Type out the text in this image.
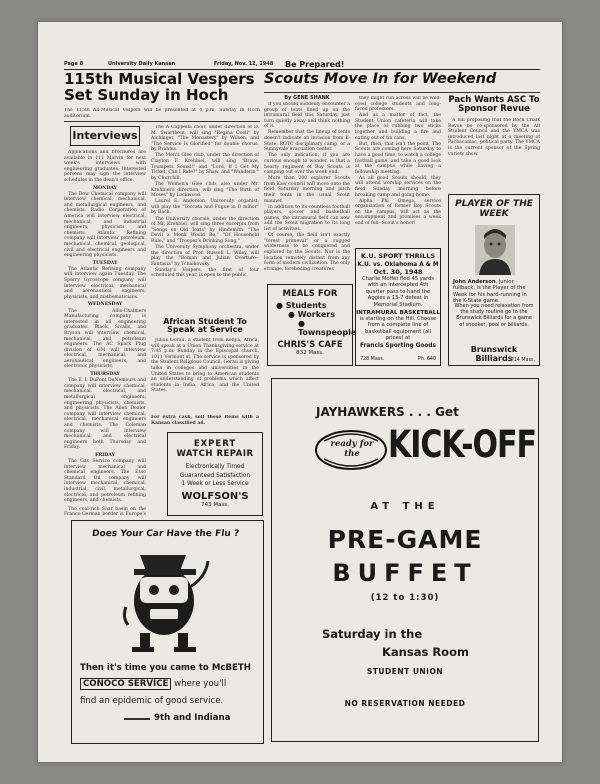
Page 8	University Daily Kansan	Friday, Nov. 12, 1948 Be Prepared!
115th Musical Vespers Set Sunday in Hoch
The 115th All-Musical Vespers will be presented at 4 p.m. Sunday in Hoch auditorium.
Interviews

Applications and brochures are available in 111 Marvin for next week's interviews with engineering graduates. Interested persons may sign the interview schedules in the dean's office.

MONDAY

The Dow Chemical company will interview chemical, mechanical, and metallurgical engineers, and chemists. Radio Corporation of America will interview electrical, mechanical, and industrial engineers; physicists and chemists. Atlantic Refining company will interview petroleum, mechanical, chemical, geological, civil and electrical engineers and engineering physicists.

TUESDAY

The Atlantic Refining company will interview again Tuesday. The Sperry Gyroscope company will interview electrical, mechanical and aeronautical engineers, physicists, and mathematicians.

WEDNESDAY

The Allis-Chalmers Manufacturing company is interested in all engineering graduates. Black, Sivalls, and Bryson will interview chemical, mechanical, and petroleum engineers. The AC Spark Plug division of GM will interview electrical, mechanical, and aeronautical engineers, and electronic physicists.

THURSDAY

The E. I. DuPont DeNemours and company will interview chemical, mechanical, electrical, and metallurgical engineers; engineering physicists, chemists, and physicists. The Allen Dealer company will interview chemical, electrical, mechanical engineers and chemists. The Coleman company will interview mechanical and electrical engineers both Thursday and Friday.

FRIDAY

The Gas Service company will interview mechanical and chemical engineers. The Esso Standard Oil company will interview mechanical, chemical, industrial, civil, metallurgical, electrical, and petroleum refining engineers, and chemists.

The coal-rich Saar basin on the Franco-German border is Europe's

The A Cappella choir, under direction of D. M. Swarthout, will sing "Regina Coeli" by Aichinger, "The Monastery" by Wilson, and "The Service Is Glorified" for double chorus, by Brahms.

The Men's Glee club, under the direction of Clayton F. Krehbiel, will sing "Brave, Trumpets Sound!" and "Lord, If I Get My Ticket, Can I Ride?" by Shaw, and "Wanderin'" by Churchill.

The Women's Glee club, also under Mr. Krehbiel's direction, will sing "The Birth of Moses" by Lockwood.

Laurel E. Anderson, University organist, will play the "Toccata and Fugue in D minor" by Bach.

The University chorale, under the direction of Mr. Krehbiel, will sing three excerpts from "Songs on Old Texts" by Hindemith: "The Devil a Monk Would Be," "Of Household Rule," and "Trooper's Drinking Song."

The University Symphony orchestra, under the direction of Prof. Russell L. Wiley, will play the "Roman and Julian Overture--Fantasia" by Tchaikovsky.

Sunday's Vespers, the first of four scheduled this year, is open to the public.

African Student To Speak at Service

Julius Gorau, a student from Kenya, Africa, will speak at a Union Thanksgiving service at 7:45 p.m. Sunday in the Episcopal church, 1011 Vermont st. The service is sponsored by the Student Religious Council. Gorau is giving talks in colleges and universities in the United States to bring to American students an understanding of problems which affect students in India, Africa, and the United States.

For extra cash, sell those items with a Kansan classified ad.
EXPERT
WATCH REPAIR
Electronically Timed
Guaranteed Satisfaction
1 Week or Less Service
WOLFSON'S
743 Mass.
Does Your Car Have the Flu ?
Then it's time you came to McBETH
CONOCO SERVICE where you'll
find an epidemic of good service.
9th and Indiana
Scouts Move In for Weekend
By GENE SHANK

If you should suddenly encounter a group of tents lined up on the intramural field this Saturday, just turn quietly away and think nothing of it.

Remember that the lineup of tents doesn't indicate an invasion from K-State, ROTC disciplinary camp, or a Sunnyvale evacuation center.

The only indication, if you are curious enough to wonder, is that a hearty regiment of Boy Scouts is camping out over the week end.

More than 200 explorer Scouts from Kaw council will move onto the field Saturday morning and pitch their tents in the usual Scout manner.

In addition to its countless football players, soccer and basketball games, the intramural field can now add the Scout migration to its long list of activities.

Of course, the field isn't exactly "forest primeval" or a rugged wilderness to be conquered and explored by the Scouts. Nor is the location remotely distant from any form of modern civilization. The only strange, foreboding creatures

they might run across will be wild-eyed college students and long-faced professors.

And as a matter of fact, the Student Union cafeteria will take the place of rubbing two sticks together and building a fire and eating out of tin cans.

But, then, that isn't the point. The Scouts are coming here Saturday to have a good time, to watch a college football game, and take a good look at the campus while having a fellowship meeting.

As all good Scouts should, they will attend worship services on the field Sunday morning before breaking camp and going home.

Alpha Phi Omega, service organization of former Boy Scouts on the campus, will act as the encampment and promises a week end of fun--Scout's honor!

Pach Wants ASC To Sponsor Revue

A bill proposing that the Rock Chalk Revue be co-sponsored by the All Student Council and the YMCA was introduced last night at a meeting of Pachacamac, political party. The YMCA is the current sponsor of the Spring variety show.

K.U. SPORT THRILLS
K.U. vs. Oklahoma A & M
Oct. 30, 1948
Charlie Moffet fled 45 yards with an intercepted 4th quarter pass to hand the Aggies a 13-7 defeat in Memorial Stadium.
INTRAMURAL BASKETBALL
is starting on the Hill. Choose from a complete line of basketball equipment (all prices) at
Francis Sporting Goods
728 Mass.	Ph. 640
PLAYER OF THE WEEK
John Anderson, junior fullback, is the Player of the Week for his hard-running in the K-State game.
When you need relaxation from the study routine go to the Brunswick Billiards for a game of snooker, pool or billiards.
Brunswick Billiards
714 Mass.
MEALS FOR
● Students
● Workers
● Townspeople
CHRIS'S CAFE
832 Mass.
JAYHAWKERS . . . Get
ready for the KICK-OFF
AT THE
PRE-GAME
BUFFET
(12 to 1:30)
Saturday in the
Kansas Room
STUDENT UNION
NO RESERVATION NEEDED
